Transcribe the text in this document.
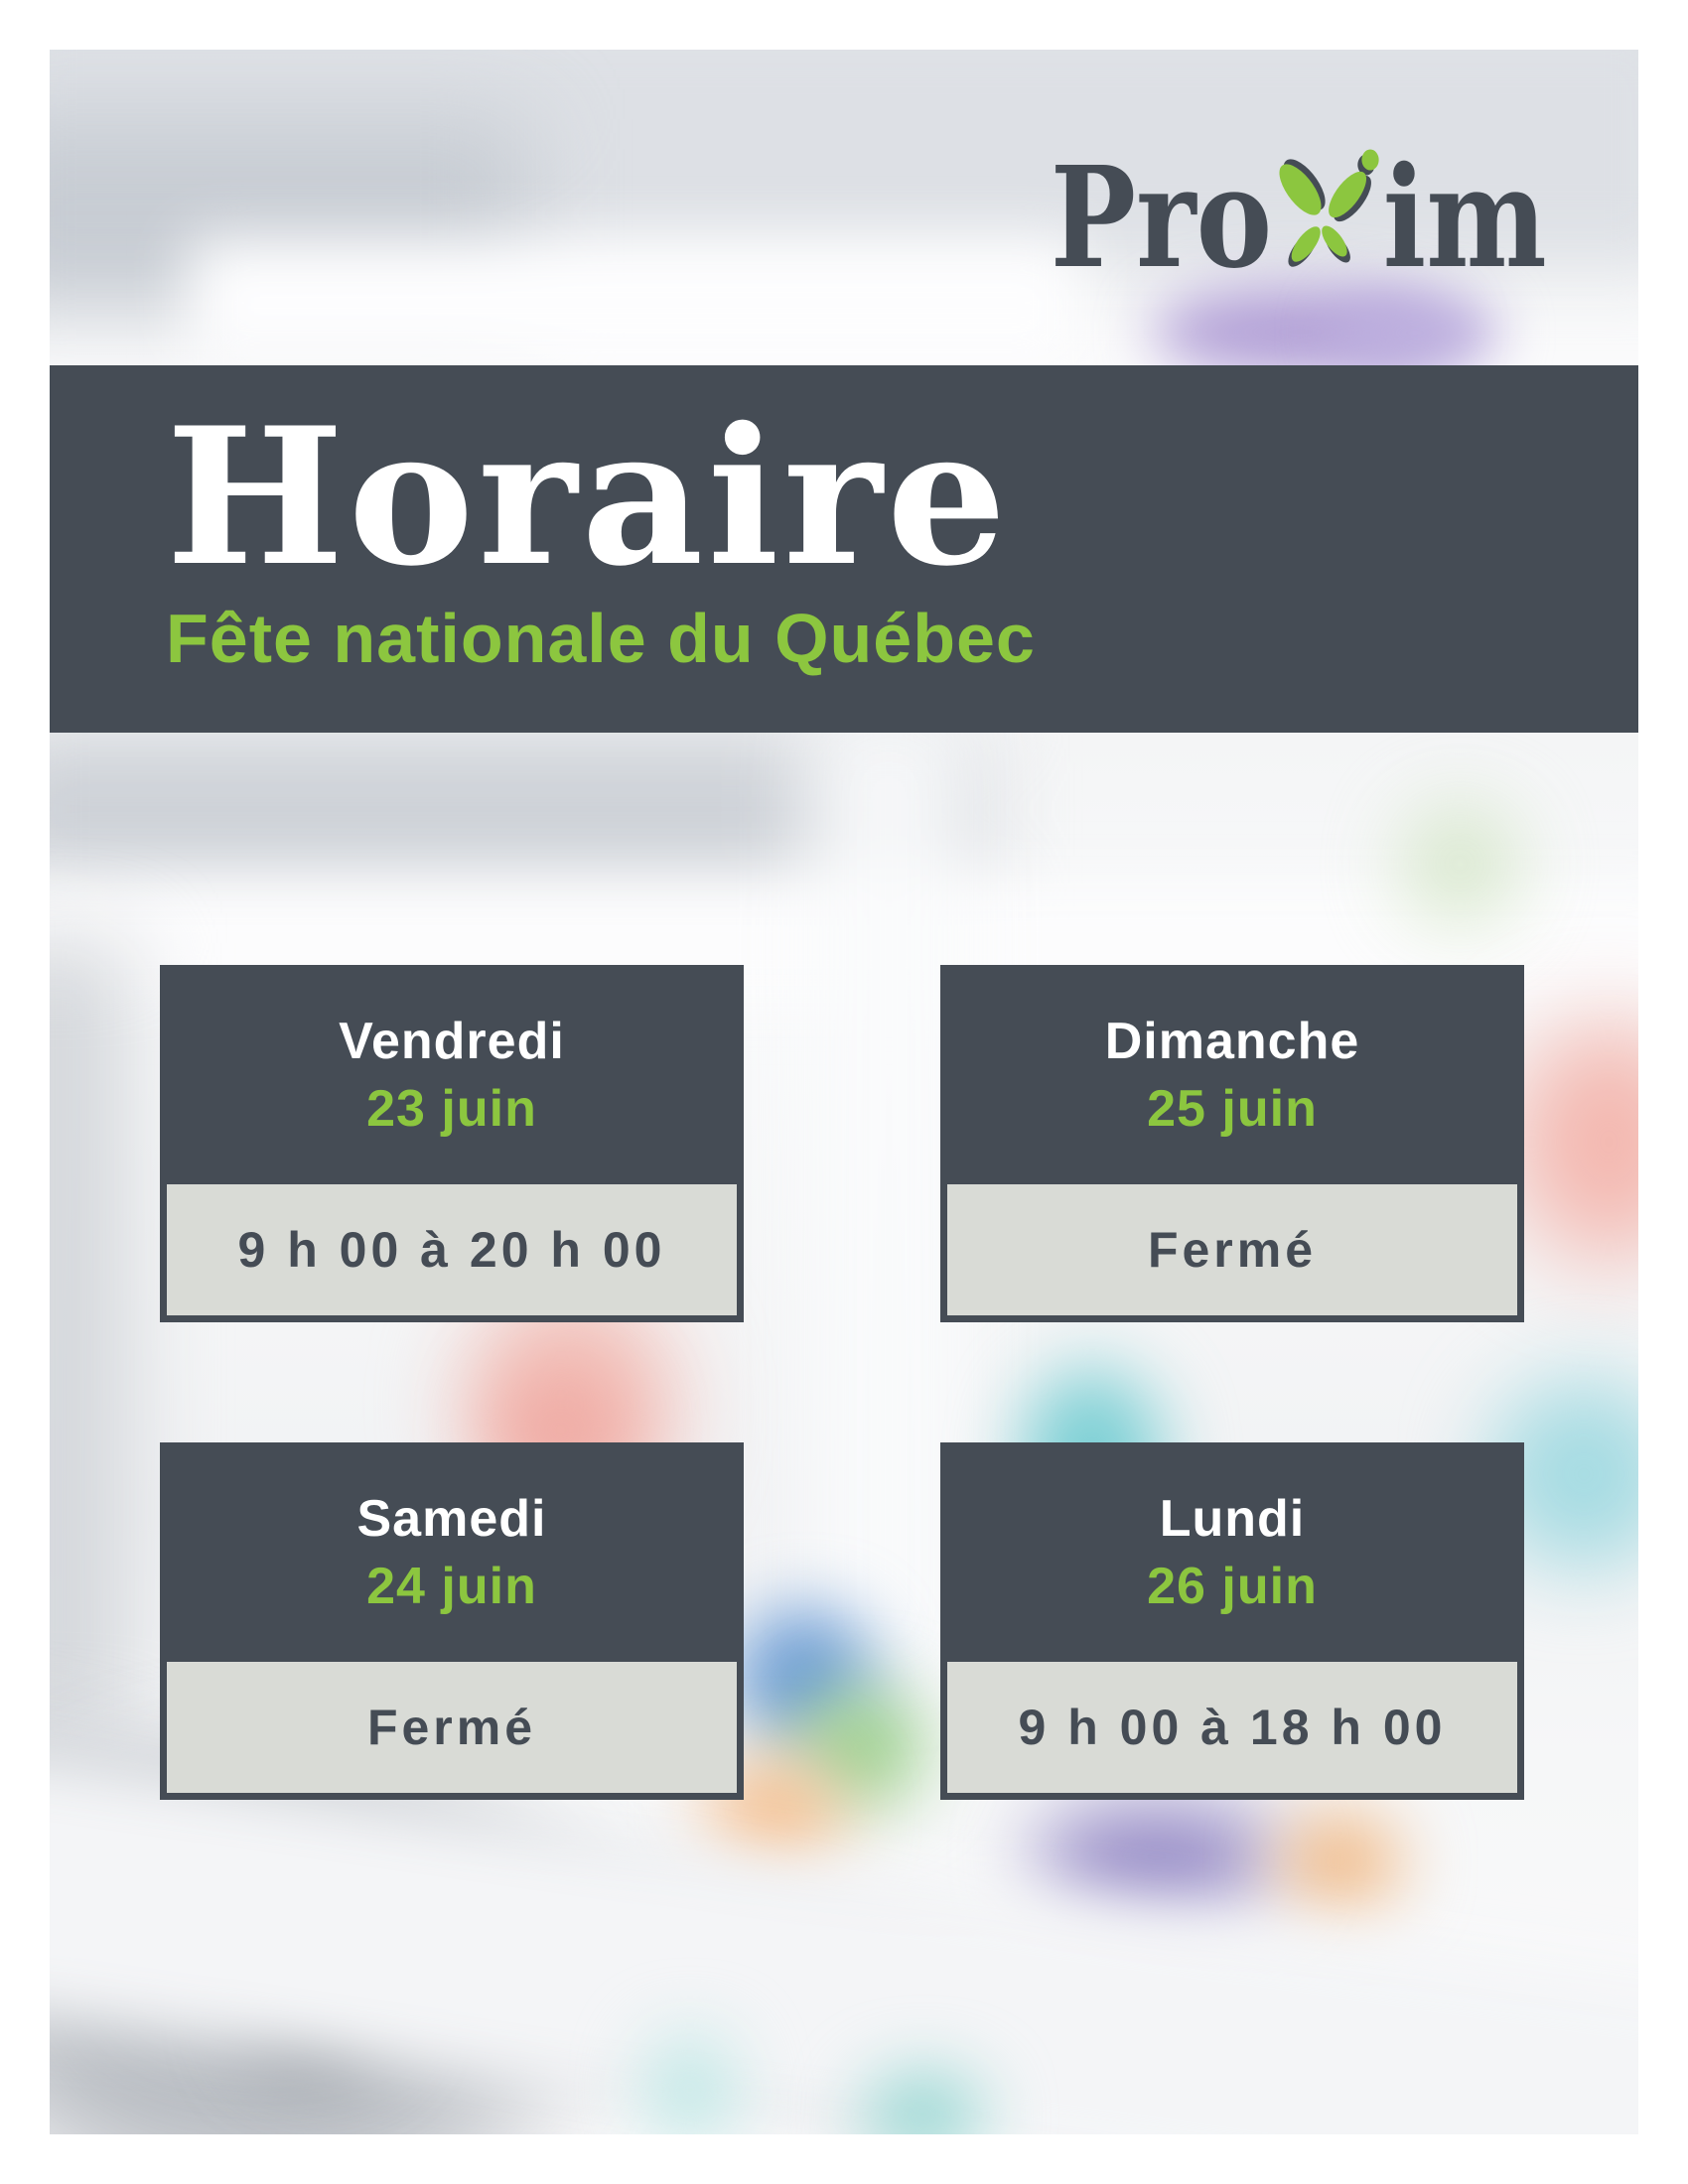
Pro im
Horaire
Fête nationale du Québec
Vendredi
23 juin
9 h 00 à 20 h 00
Dimanche
25 juin
Fermé
Samedi
24 juin
Fermé
Lundi
26 juin
9 h 00 à 18 h 00
